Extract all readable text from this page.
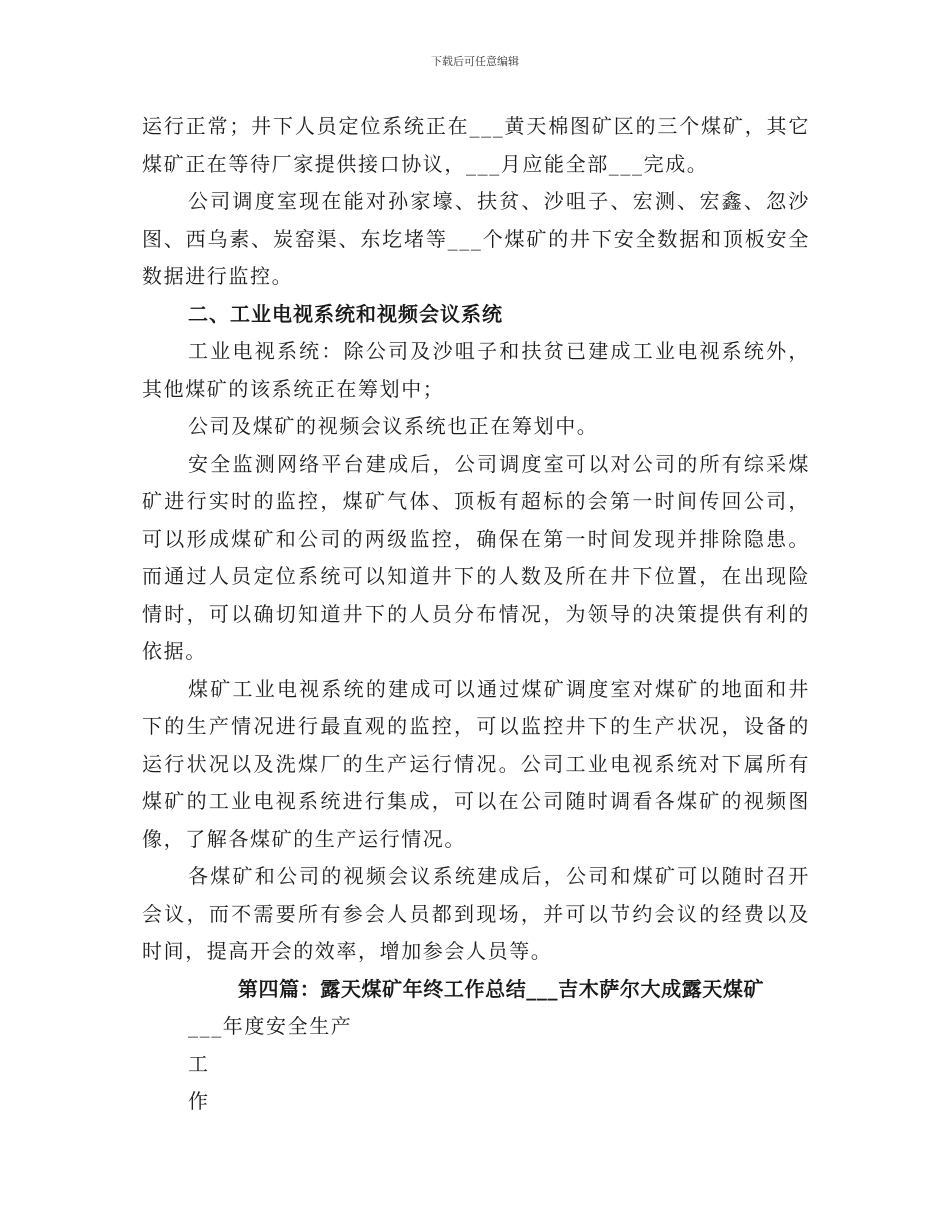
下载后可任意编辑

运行正常；井下人员定位系统正在___黄天棉图矿区的三个煤矿，其它煤矿正在等待厂家提供接口协议，___月应能全部___完成。

公司调度室现在能对孙家壕、扶贫、沙咀子、宏测、宏鑫、忽沙图、西乌素、炭窑渠、东圪堵等___个煤矿的井下安全数据和顶板安全数据进行监控。

二、工业电视系统和视频会议系统

工业电视系统：除公司及沙咀子和扶贫已建成工业电视系统外，其他煤矿的该系统正在筹划中；

公司及煤矿的视频会议系统也正在筹划中。

安全监测网络平台建成后，公司调度室可以对公司的所有综采煤矿进行实时的监控，煤矿气体、顶板有超标的会第一时间传回公司，可以形成煤矿和公司的两级监控，确保在第一时间发现并排除隐患。而通过人员定位系统可以知道井下的人数及所在井下位置，在出现险情时，可以确切知道井下的人员分布情况，为领导的决策提供有利的依据。

煤矿工业电视系统的建成可以通过煤矿调度室对煤矿的地面和井下的生产情况进行最直观的监控，可以监控井下的生产状况，设备的运行状况以及洗煤厂的生产运行情况。公司工业电视系统对下属所有煤矿的工业电视系统进行集成，可以在公司随时调看各煤矿的视频图像，了解各煤矿的生产运行情况。

各煤矿和公司的视频会议系统建成后，公司和煤矿可以随时召开会议，而不需要所有参会人员都到现场，并可以节约会议的经费以及时间，提高开会的效率，增加参会人员等。

第四篇：露天煤矿年终工作总结___吉木萨尔大成露天煤矿

___年度安全生产

工

作
